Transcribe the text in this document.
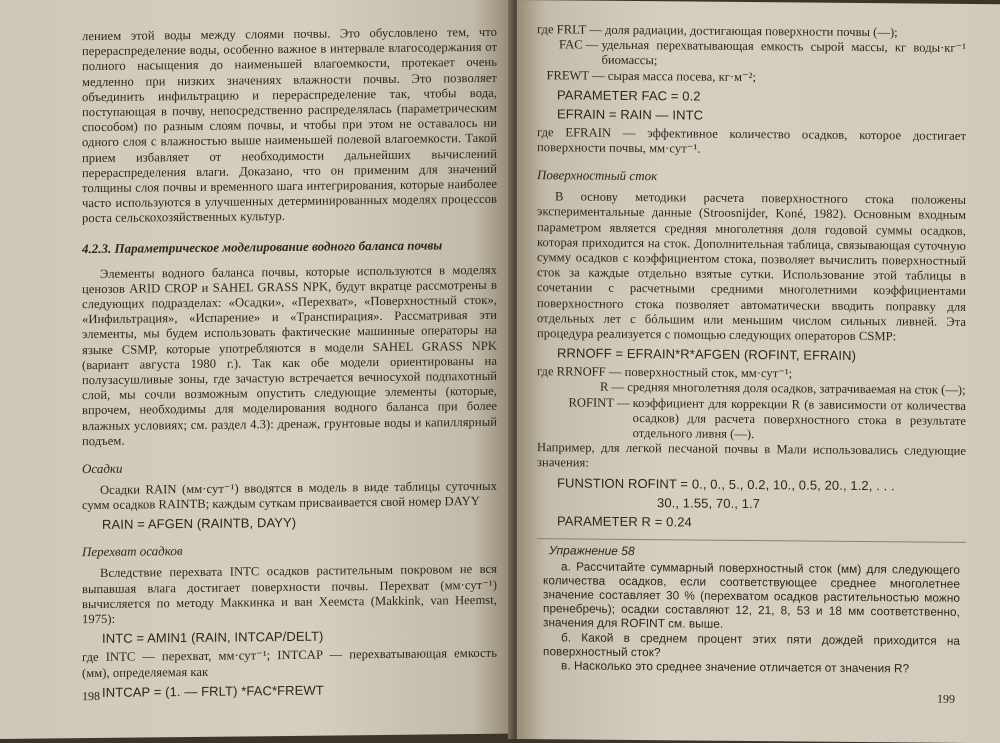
лением этой воды между слоями почвы. Это обусловлено тем, что перераспределение воды, особенно важное в интервале влагосодержания от полного насыщения до наименьшей влагоемкости, протекает очень медленно при низких значениях влажности почвы. Это позволяет объединить инфильтрацию и перераспределение так, чтобы вода, поступающая в почву, непосредственно распределялась (параметрическим способом) по разным слоям почвы, и чтобы при этом не оставалось ни одного слоя с влажностью выше наименьшей полевой влагоемкости. Такой прием избавляет от необходимости дальнейших вычислений перераспределения влаги. Доказано, что он применим для значений толщины слоя почвы и временного шага интегрирования, которые наиболее часто используются в улучшенных детерминированных моделях процессов роста сельскохозяйственных культур.

4.2.3. Параметрическое моделирование водного баланса почвы

Элементы водного баланса почвы, которые используются в моделях ценозов ARID CROP и SAHEL GRASS NPK, будут вкратце рассмотрены в следующих подразделах: «Осадки», «Перехват», «Поверхностный сток», «Инфильтрация», «Испарение» и «Транспирация». Рассматривая эти элементы, мы будем использовать фактические машинные операторы на языке CSMP, которые употребляются в модели SAHEL GRASS NPK (вариант августа 1980 г.). Так как обе модели ориентированы на полузасушливые зоны, где зачастую встречается вечносухой подпахотный слой, мы сочли возможным опустить следующие элементы (которые, впрочем, необходимы для моделирования водного баланса при более влажных условиях; см. раздел 4.3): дренаж, грунтовые воды и капиллярный подъем.

Осадки

Осадки RAIN (мм·сут⁻¹) вводятся в модель в виде таблицы суточных сумм осадков RAINTB; каждым суткам присваивается свой номер DAYY

RAIN = AFGEN (RAINTB, DAYY)

Перехват осадков

Вследствие перехвата INTC осадков растительным покровом не вся выпавшая влага достигает поверхности почвы. Перехват (мм·сут⁻¹) вычисляется по методу Маккинка и ван Хеемста (Makkink, van Heemst, 1975):

INTC = AMIN1 (RAIN, INTCAP/DELT)

где INTC — перехват, мм·сут⁻¹; INTCAP — перехватывающая емкость (мм), определяемая как

INTCAP = (1. — FRLT) *FAC*FREWT

198
где FRLT — доля радиации, достигающая поверхности почвы (—);
FAC — удельная перехватывающая емкость сырой массы, кг воды·кг⁻¹ биомассы;
FREWT — сырая масса посева, кг·м⁻²;

PARAMETER FAC = 0.2

EFRAIN = RAIN — INTC

где EFRAIN — эффективное количество осадков, которое достигает поверхности почвы, мм·сут⁻¹.

Поверхностный сток

В основу методики расчета поверхностного стока положены экспериментальные данные (Stroosnijder, Koné, 1982). Основным входным параметром является средняя многолетняя доля годовой суммы осадков, которая приходится на сток. Дополнительная таблица, связывающая суточную сумму осадков с коэффициентом стока, позволяет вычислить поверхностный сток за каждые отдельно взятые сутки. Использование этой таблицы в сочетании с расчетными средними многолетними коэффициентами поверхностного стока позволяет автоматически вводить поправку для отдельных лет с бóльшим или меньшим числом сильных ливней. Эта процедура реализуется с помощью следующих операторов CSMP:

RRNOFF = EFRAIN*R*AFGEN (ROFINT, EFRAIN)

где RRNOFF — поверхностный сток, мм·сут⁻¹;
R — средняя многолетняя доля осадков, затрачиваемая на сток (—);
ROFINT — коэффициент для коррекции R (в зависимости от количества осадков) для расчета поверхностного стока в результате отдельного ливня (—).

Например, для легкой песчаной почвы в Мали использовались следующие значения:

FUNSTION ROFINT = 0., 0., 5., 0.2, 10., 0.5, 20., 1.2, . . .

30., 1.55, 70., 1.7

PARAMETER R = 0.24

Упражнение 58

а. Рассчитайте суммарный поверхностный сток (мм) для следующего количества осадков, если соответствующее среднее многолетнее значение составляет 30 % (перехватом осадков растительностью можно пренебречь); осадки составляют 12, 21, 8, 53 и 18 мм соответственно, значения для ROFINT см. выше.

б. Какой в среднем процент этих пяти дождей приходится на поверхностный сток?

в. Насколько это среднее значение отличается от значения R?

199
